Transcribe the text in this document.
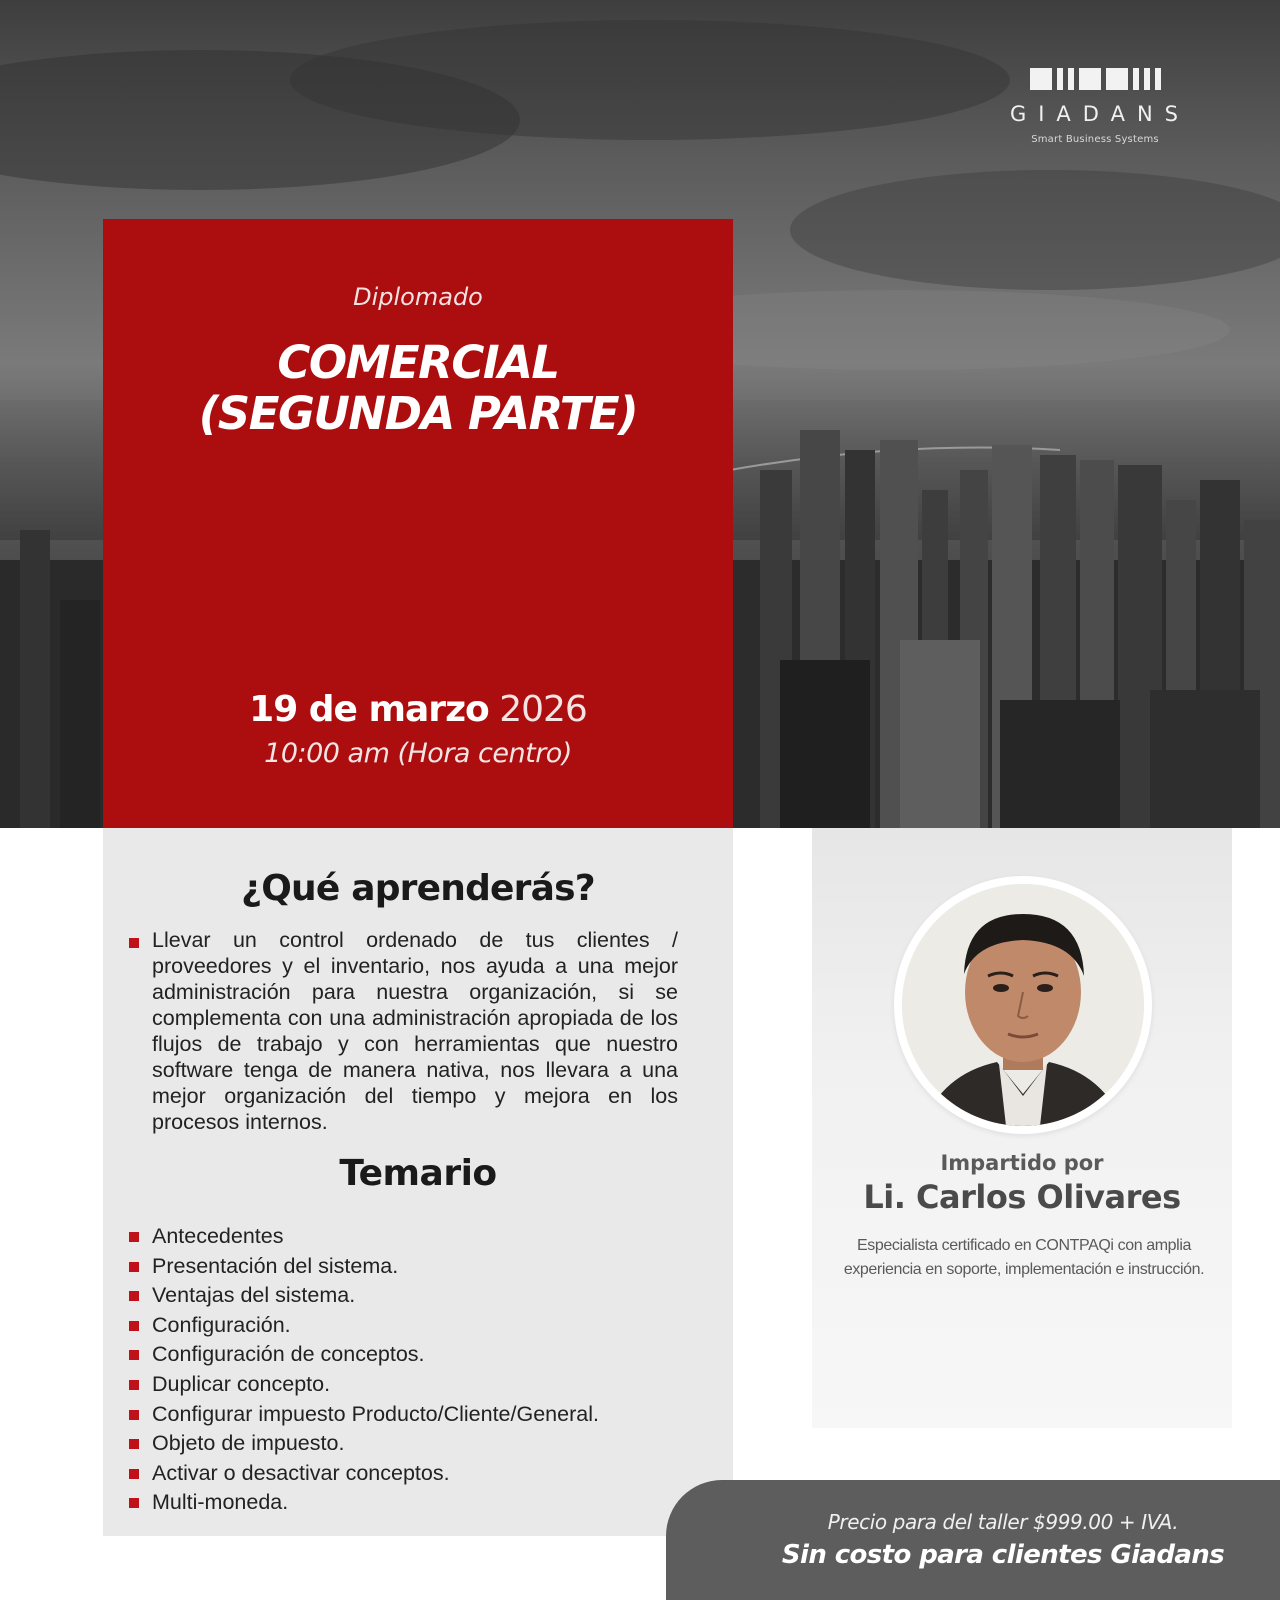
GIADANS
Smart Business Systems
Diplomado
COMERCIAL
(SEGUNDA PARTE)
19 de marzo 2026
10:00 am (Hora centro)
¿Qué aprenderás?

Llevar un control ordenado de tus clientes / proveedores y el inventario, nos ayuda a una mejor administración para nuestra organización, si se complementa con una administración apropiada de los flujos de trabajo y con herramientas que nuestro software tenga de manera nativa, nos llevara a una mejor organización del tiempo y mejora en los procesos internos.

Temario
Antecedentes
Presentación del sistema.
Ventajas del sistema.
Configuración.
Configuración de conceptos.
Duplicar concepto.
Configurar impuesto Producto/Cliente/General.
Objeto de impuesto.
Activar o desactivar conceptos.
Multi-moneda.
Impartido por
Li. Carlos Olivares
Especialista certificado en CONTPAQi con amplia
experiencia en soporte, implementación e instrucción.
Precio para del taller $999.00 + IVA.
Sin costo para clientes Giadans
